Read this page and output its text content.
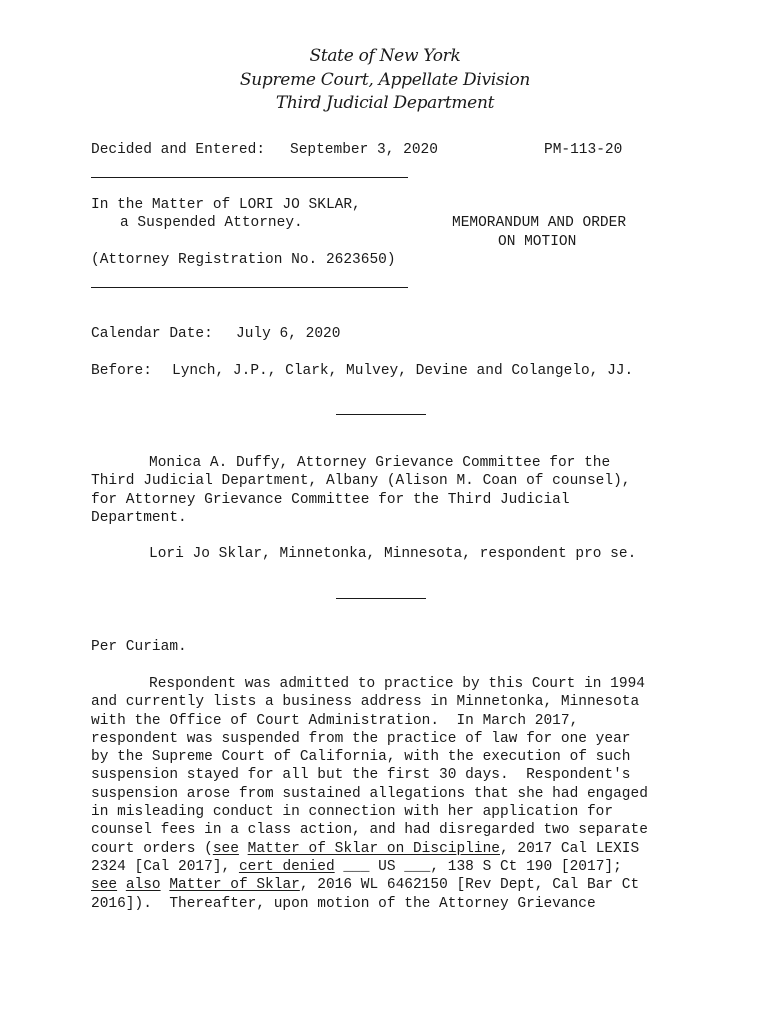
State of New York
Supreme Court, Appellate Division
Third Judicial Department
Decided and Entered: September 3, 2020	PM-113-20
In the Matter of LORI JO SKLAR,
a Suspended Attorney.
(Attorney Registration No. 2623650)
MEMORANDUM AND ORDER
ON MOTION
Calendar Date: July 6, 2020
Before: Lynch, J.P., Clark, Mulvey, Devine and Colangelo, JJ.
Monica A. Duffy, Attorney Grievance Committee for the
Third Judicial Department, Albany (Alison M. Coan of counsel),
for Attorney Grievance Committee for the Third Judicial
Department.
Lori Jo Sklar, Minnetonka, Minnesota, respondent pro se.
Per Curiam.
Respondent was admitted to practice by this Court in 1994
and currently lists a business address in Minnetonka, Minnesota
with the Office of Court Administration.  In March 2017,
respondent was suspended from the practice of law for one year
by the Supreme Court of California, with the execution of such
suspension stayed for all but the first 30 days.  Respondent's
suspension arose from sustained allegations that she had engaged
in misleading conduct in connection with her application for
counsel fees in a class action, and had disregarded two separate
court orders (see Matter of Sklar on Discipline, 2017 Cal LEXIS
2324 [Cal 2017], cert denied ___ US ___, 138 S Ct 190 [2017];
see also Matter of Sklar, 2016 WL 6462150 [Rev Dept, Cal Bar Ct
2016]).  Thereafter, upon motion of the Attorney Grievance
